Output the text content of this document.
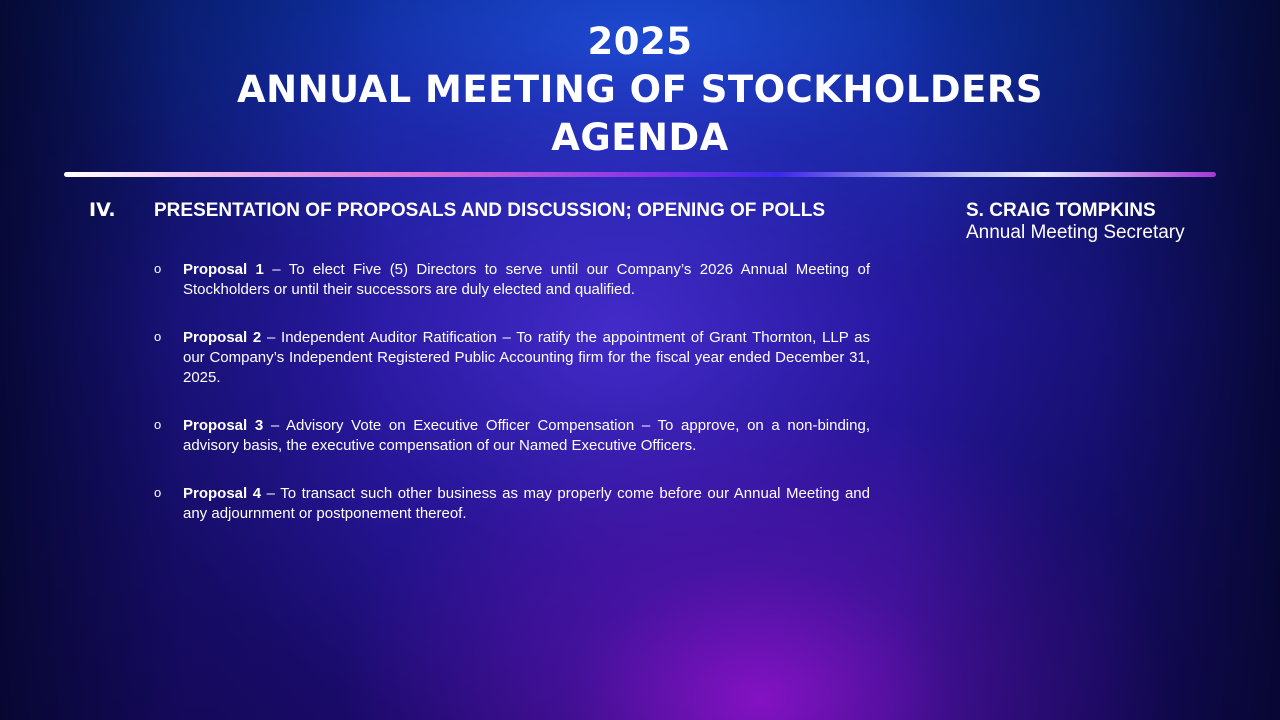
2025
ANNUAL MEETING OF STOCKHOLDERS
AGENDA
IV. PRESENTATION OF PROPOSALS AND DISCUSSION; OPENING OF POLLS	S. CRAIG TOMPKINS
Annual Meeting Secretary
o Proposal 1 – To elect Five (5) Directors to serve until our Company’s 2026 Annual Meeting of Stockholders or until their successors are duly elected and qualified.
o Proposal 2 – Independent Auditor Ratification – To ratify the appointment of Grant Thornton, LLP as our Company’s Independent Registered Public Accounting firm for the fiscal year ended December 31, 2025.
o Proposal 3 – Advisory Vote on Executive Officer Compensation – To approve, on a non-binding, advisory basis, the executive compensation of our Named Executive Officers.
o Proposal 4 – To transact such other business as may properly come before our Annual Meeting and any adjournment or postponement thereof.
